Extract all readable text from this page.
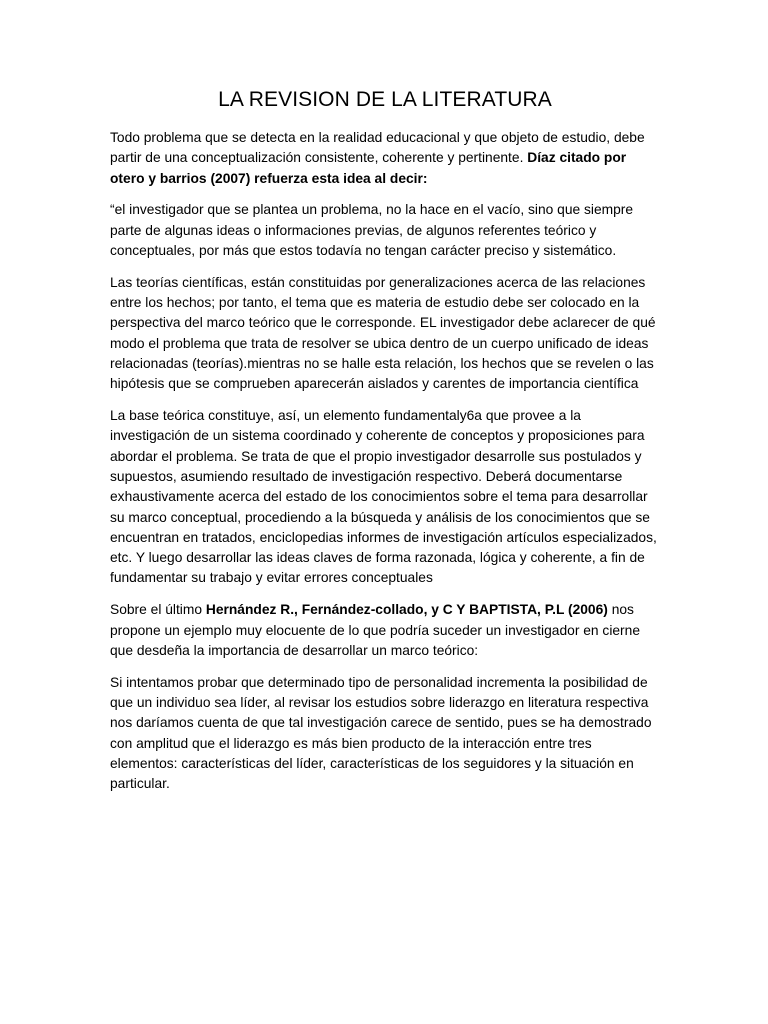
LA REVISION DE LA LITERATURA

Todo problema que se detecta en la realidad educacional y que objeto de estudio, debe partir de una conceptualización consistente, coherente y pertinente. Díaz citado por otero y barrios (2007) refuerza esta idea al decir:

“el investigador que se plantea un problema, no la hace en el vacío, sino que siempre parte de algunas ideas o informaciones previas, de algunos referentes teórico y conceptuales, por más que estos todavía no tengan carácter preciso y sistemático.

Las teorías científicas, están constituidas por generalizaciones acerca de las relaciones entre los hechos; por tanto, el tema que es materia de estudio debe ser colocado en la perspectiva del marco teórico que le corresponde. EL investigador debe aclarecer de qué modo el problema que trata de resolver se ubica dentro de un cuerpo unificado de ideas relacionadas (teorías).mientras no se halle esta relación, los hechos que se revelen o las hipótesis que se comprueben aparecerán aislados y carentes de importancia científica

La base teórica constituye, así, un elemento fundamentaly6a que provee a la investigación de un sistema coordinado y coherente de conceptos y proposiciones para abordar el problema. Se trata de que el propio investigador desarrolle sus postulados y supuestos, asumiendo resultado de investigación respectivo. Deberá documentarse exhaustivamente acerca del estado de los conocimientos sobre el tema para desarrollar su marco conceptual, procediendo a la búsqueda y análisis de los conocimientos que se encuentran en tratados, enciclopedias informes de investigación artículos especializados, etc. Y luego desarrollar las ideas claves de forma razonada, lógica y coherente, a fin de fundamentar su trabajo y evitar errores conceptuales

Sobre el último Hernández R., Fernández-collado, y C Y BAPTISTA, P.L (2006) nos propone un ejemplo muy elocuente de lo que podría suceder un investigador en cierne que desdeña la importancia de desarrollar un marco teórico:

Si intentamos probar que determinado tipo de personalidad incrementa la posibilidad de que un individuo sea líder, al revisar los estudios sobre liderazgo en literatura respectiva nos daríamos cuenta de que tal investigación carece de sentido, pues se ha demostrado con amplitud que el liderazgo es más bien producto de la interacción entre tres elementos: características del líder, características de los seguidores y la situación en particular.
